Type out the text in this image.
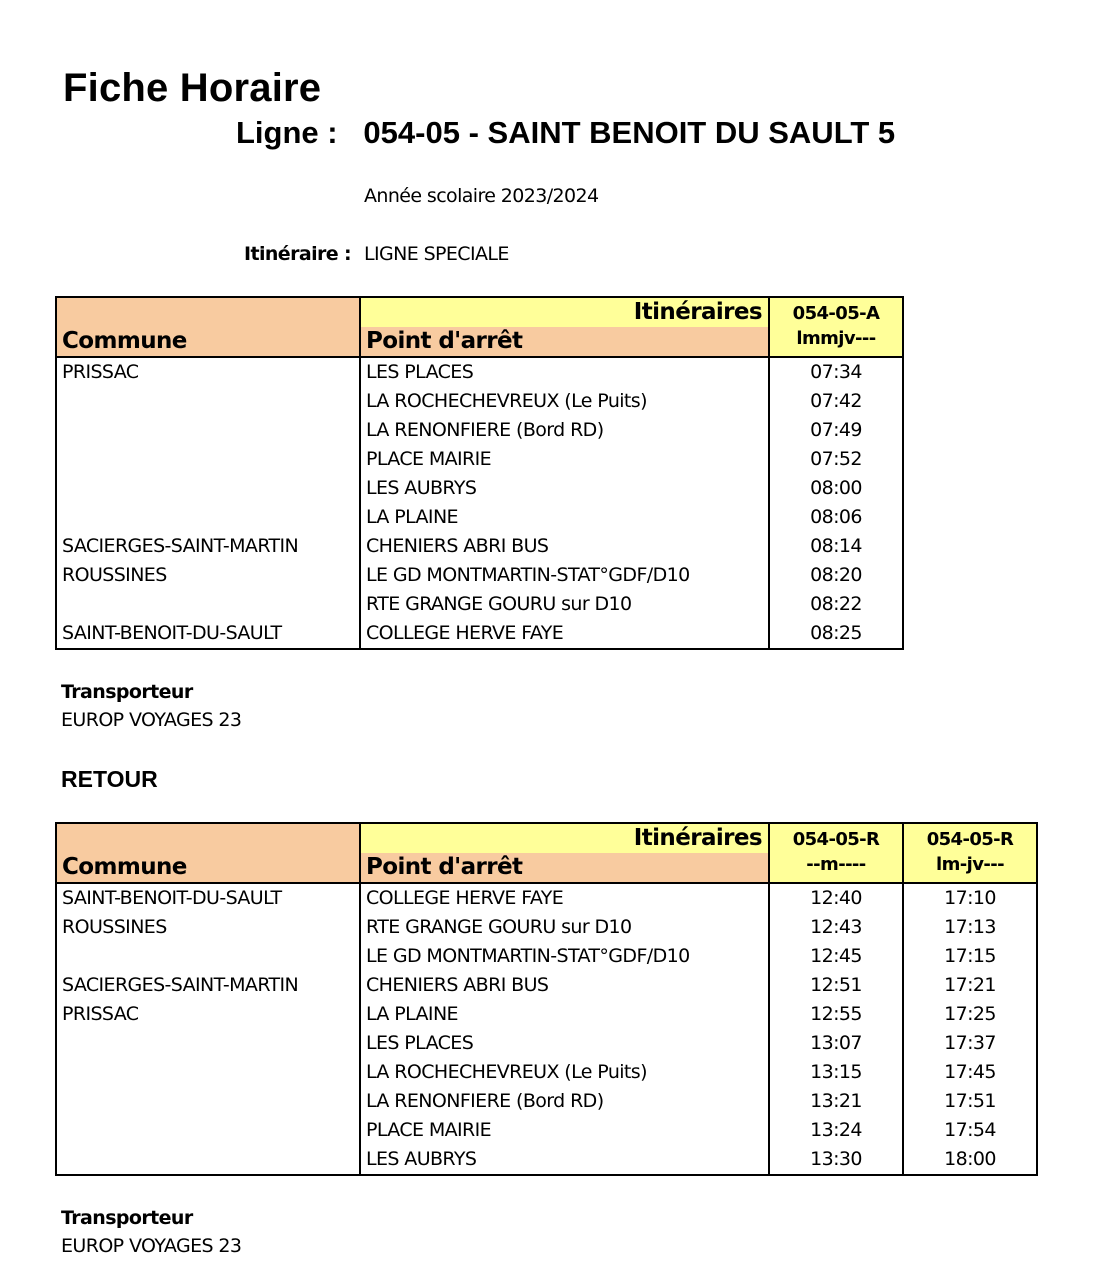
Fiche Horaire
Ligne :   054-05 - SAINT BENOIT DU SAULT 5
Année scolaire 2023/2024
Itinéraire : LIGNE SPECIALE
	Itinéraires	054-05-A
Commune	Point d'arrêt	lmmjv---
PRISSAC	LES PLACES	07:34
	LA ROCHECHEVREUX (Le Puits)	07:42
	LA RENONFIERE (Bord RD)	07:49
	PLACE MAIRIE	07:52
	LES AUBRYS	08:00
	LA PLAINE	08:06
SACIERGES-SAINT-MARTIN	CHENIERS ABRI BUS	08:14
ROUSSINES	LE GD MONTMARTIN-STAT°GDF/D10	08:20
	RTE GRANGE GOURU sur D10	08:22
SAINT-BENOIT-DU-SAULT	COLLEGE HERVE FAYE	08:25
Transporteur
EUROP VOYAGES 23
RETOUR
	Itinéraires	054-05-R	054-05-R
Commune	Point d'arrêt	--m----	lm-jv---
SAINT-BENOIT-DU-SAULT	COLLEGE HERVE FAYE	12:40	17:10
ROUSSINES	RTE GRANGE GOURU sur D10	12:43	17:13
	LE GD MONTMARTIN-STAT°GDF/D10	12:45	17:15
SACIERGES-SAINT-MARTIN	CHENIERS ABRI BUS	12:51	17:21
PRISSAC	LA PLAINE	12:55	17:25
	LES PLACES	13:07	17:37
	LA ROCHECHEVREUX (Le Puits)	13:15	17:45
	LA RENONFIERE (Bord RD)	13:21	17:51
	PLACE MAIRIE	13:24	17:54
	LES AUBRYS	13:30	18:00
Transporteur
EUROP VOYAGES 23
